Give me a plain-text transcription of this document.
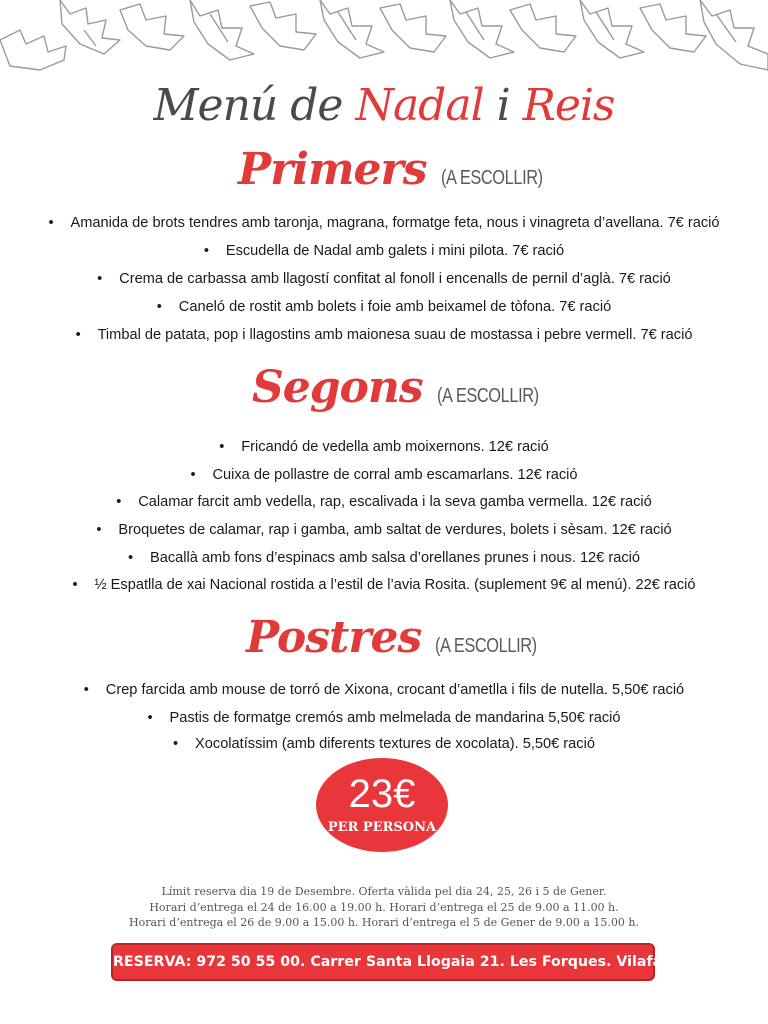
Menú de Nadal i Reis
Primers (A ESCOLLIR)
• Amanida de brots tendres amb taronja, magrana, formatge feta, nous i vinagreta d’avellana. 7€ ració
• Escudella de Nadal amb galets i mini pilota. 7€ ració
• Crema de carbassa amb llagostí confitat al fonoll i encenalls de pernil d’aglà. 7€ ració
• Caneló de rostit amb bolets i foie amb beixamel de tòfona. 7€ ració
• Timbal de patata, pop i llagostins amb maionesa suau de mostassa i pebre vermell. 7€ ració
Segons (A ESCOLLIR)
• Fricandó de vedella amb moixernons. 12€ ració
• Cuixa de pollastre de corral amb escamarlans. 12€ ració
• Calamar farcit amb vedella, rap, escalivada i la seva gamba vermella. 12€ ració
• Broquetes de calamar, rap i gamba, amb saltat de verdures, bolets i sèsam. 12€ ració
• Bacallà amb fons d’espinacs amb salsa d’orellanes prunes i nous. 12€ ració
• ½ Espatlla de xai Nacional rostida a l’estil de l’avia Rosita. (suplement 9€ al menú). 22€ ració
Postres (A ESCOLLIR)
• Crep farcida amb mouse de torró de Xixona, crocant d’ametlla i fils de nutella. 5,50€ ració
• Pastis de formatge cremós amb melmelada de mandarina 5,50€ ració
• Xocolatíssim (amb diferents textures de xocolata). 5,50€ ració
23€
PER PERSONA
Límit reserva dia 19 de Desembre. Oferta vàlida pel dia 24, 25, 26 i 5 de Gener.
Horari d’entrega el 24 de 16.00 a 19.00 h. Horari d’entrega el 25 de 9.00 a 11.00 h.
Horari d’entrega el 26 de 9.00 a 15.00 h. Horari d’entrega el 5 de Gener de 9.00 a 15.00 h.
RESERVA: 972 50 55 00. Carrer Santa Llogaia 21. Les Forques. Vilafant
